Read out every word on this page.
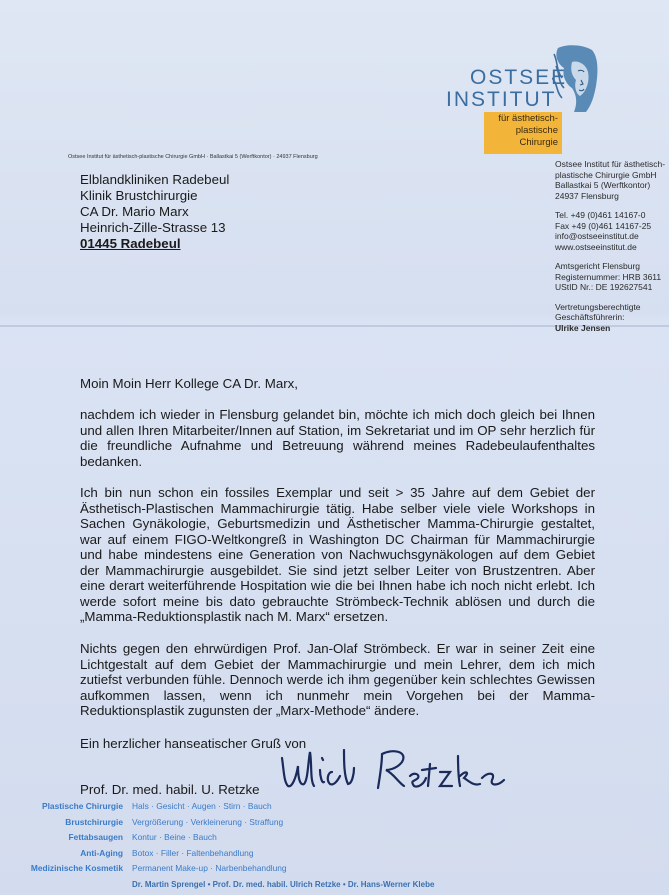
OSTSEE
INSTITUT
für ästhetisch-
plastische
Chirurgie
Ostsee Institut für ästhetisch-plastische Chirurgie GmbH · Ballastkai 5 (Werftkontor) · 24937 Flensburg
Elblandkliniken Radebeul
Klinik Brustchirurgie
CA Dr. Mario Marx
Heinrich-Zille-Strasse 13
01445 Radebeul
Ostsee Institut für ästhetisch-
plastische Chirurgie GmbH
Ballastkai 5 (Werftkontor)
24937 Flensburg
Tel. +49 (0)461 14167-0
Fax +49 (0)461 14167-25
info@ostseeinstitut.de
www.ostseeinstitut.de
Amtsgericht Flensburg
Registernummer: HRB 3611
UStID Nr.: DE 192627541
Vertretungsberechtigte
Geschäftsführerin:
Ulrike Jensen
Moin Moin Herr Kollege CA Dr. Marx,
nachdem ich wieder in Flensburg gelandet bin, möchte ich mich doch gleich bei Ihnen und allen Ihren Mitarbeiter/Innen auf Station, im Sekretariat und im OP sehr herzlich für die freundliche Aufnahme und Betreuung während meines Radebeulaufenthaltes bedanken.
Ich bin nun schon ein fossiles Exemplar und seit > 35 Jahre auf dem Gebiet der Ästhetisch-Plastischen Mammachirurgie tätig. Habe selber viele viele Workshops in Sachen Gynäkologie, Geburtsmedizin und Ästhetischer Mamma-Chirurgie gestaltet, war auf einem FIGO-Weltkongreß in Washington DC Chairman für Mammachirurgie und habe mindestens eine Generation von Nachwuchsgynäkologen auf dem Gebiet der Mammachirurgie ausgebildet. Sie sind jetzt selber Leiter von Brustzentren. Aber eine derart weiterführende Hospitation wie die bei Ihnen habe ich noch nicht erlebt. Ich werde sofort meine bis dato gebrauchte Strömbeck-Technik ablösen und durch die „Mamma-Reduktionsplastik nach M. Marx“ ersetzen.
Nichts gegen den ehrwürdigen Prof. Jan-Olaf Strömbeck. Er war in seiner Zeit eine Lichtgestalt auf dem Gebiet der Mammachirurgie und mein Lehrer, dem ich mich zutiefst verbunden fühle. Dennoch werde ich ihm gegenüber kein schlechtes Gewissen aufkommen lassen, wenn ich nunmehr mein Vorgehen bei der Mamma-Reduktionsplastik zugunsten der „Marx-Methode“ ändere.
Ein herzlicher hanseatischer Gruß von
Prof. Dr. med. habil. U. Retzke
Plastische Chirurgie	Hals · Gesicht · Augen · Stirn · Bauch
Brustchirurgie	Vergrößerung · Verkleinerung · Straffung
Fettabsaugen	Kontur · Beine · Bauch
Anti-Aging	Botox · Filler · Faltenbehandlung
Medizinische Kosmetik	Permanent Make-up · Narbenbehandlung
Dr. Martin Sprengel • Prof. Dr. med. habil. Ulrich Retzke • Dr. Hans-Werner Klebe
